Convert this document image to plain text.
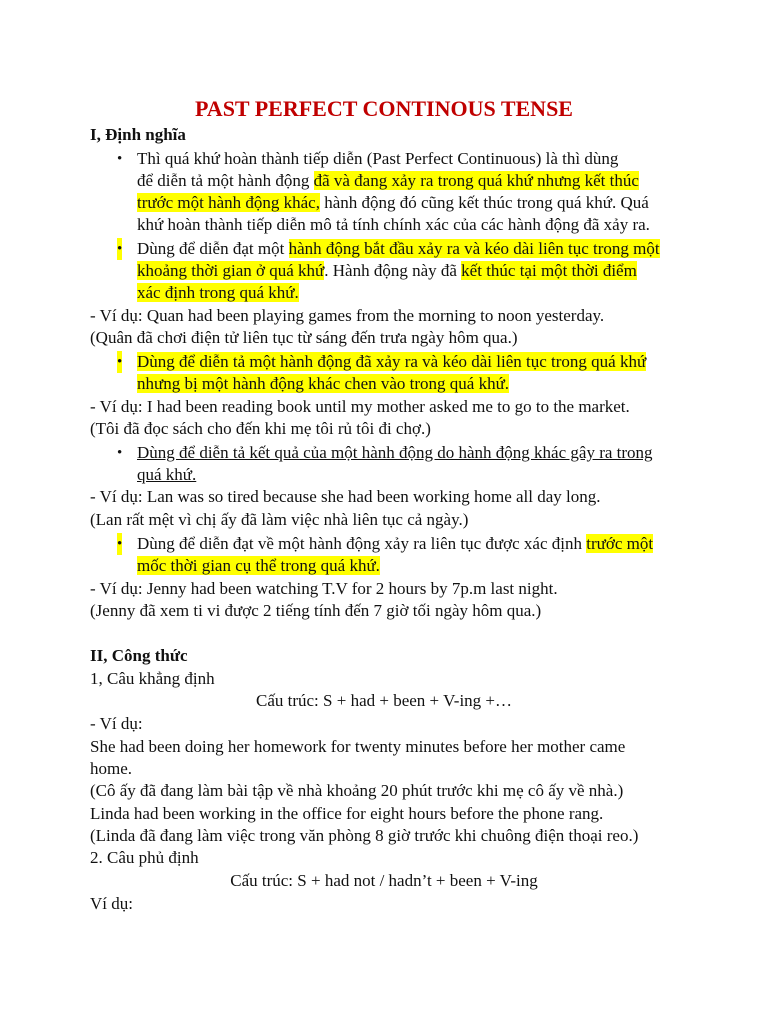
PAST PERFECT CONTINOUS TENSE
I, Định nghĩa
• Thì quá khứ hoàn thành tiếp diễn (Past Perfect Continuous) là thì dùng
để diễn tả một hành động đã và đang xảy ra trong quá khứ nhưng kết thúc
trước một hành động khác, hành động đó cũng kết thúc trong quá khứ. Quá
khứ hoàn thành tiếp diễn mô tả tính chính xác của các hành động đã xảy ra.
• Dùng để diễn đạt một hành động bắt đầu xảy ra và kéo dài liên tục trong một
khoảng thời gian ở quá khứ. Hành động này đã kết thúc tại một thời điểm
xác định trong quá khứ.
- Ví dụ: Quan had been playing games from the morning to noon yesterday.
(Quân đã chơi điện tử liên tục từ sáng đến trưa ngày hôm qua.)
• Dùng để diễn tả một hành động đã xảy ra và kéo dài liên tục trong quá khứ
nhưng bị một hành động khác chen vào trong quá khứ.
- Ví dụ: I had been reading book until my mother asked me to go to the market.
(Tôi đã đọc sách cho đến khi mẹ tôi rủ tôi đi chợ.)
• Dùng để diễn tả kết quả của một hành động do hành động khác gây ra trong
quá khứ.
- Ví dụ: Lan was so tired because she had been working home all day long.
(Lan rất mệt vì chị ấy đã làm việc nhà liên tục cả ngày.)
• Dùng để diễn đạt về một hành động xảy ra liên tục được xác định trước một
mốc thời gian cụ thể trong quá khứ.
- Ví dụ: Jenny had been watching T.V for 2 hours by 7p.m last night.
(Jenny đã xem ti vi được 2 tiếng tính đến 7 giờ tối ngày hôm qua.)
II, Công thức
1, Câu khẳng định
Cấu trúc: S + had + been + V-ing +…
- Ví dụ:
She had been doing her homework for twenty minutes before her mother came
home.
(Cô ấy đã đang làm bài tập về nhà khoảng 20 phút trước khi mẹ cô ấy về nhà.)
Linda had been working in the office for eight hours before the phone rang.
(Linda đã đang làm việc trong văn phòng 8 giờ trước khi chuông điện thoại reo.)
2. Câu phủ định
Cấu trúc: S + had not / hadn’t + been + V-ing
Ví dụ:
